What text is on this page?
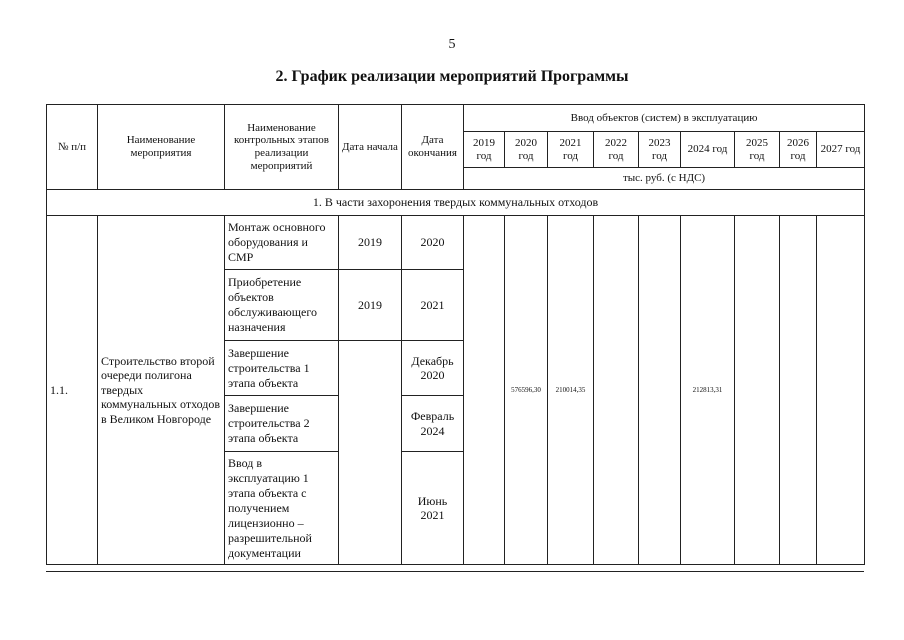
5
2. График реализации мероприятий Программы
№ п/п	Наименование мероприятия	Наименование контрольных этапов реализации мероприятий	Дата начала	Дата окончания	Ввод объектов (систем) в эксплуатацию								
					2019 год	2020 год	2021 год	2022 год	2023 год	2024 год	2025 год	2026 год	2027 год
					тыс. руб. (с НДС)								
1. В части захоронения твердых коммунальных отходов													
1.1.	Строительство второй очереди полигона твердых коммунальных отходов в Великом Новгороде	Монтаж основного оборудования и СМР	2019	2020		576596,30	210014,35			212813,31			
		Приобретение объектов обслуживающего назначения	2019	2021									
		Завершение строительства 1 этапа объекта		Декабрь 2020									
		Завершение строительства 2 этапа объекта		Февраль 2024									
		Ввод в эксплуатацию 1 этапа объекта с получением лицензионно – разрешительной документации		Июнь 2021									
